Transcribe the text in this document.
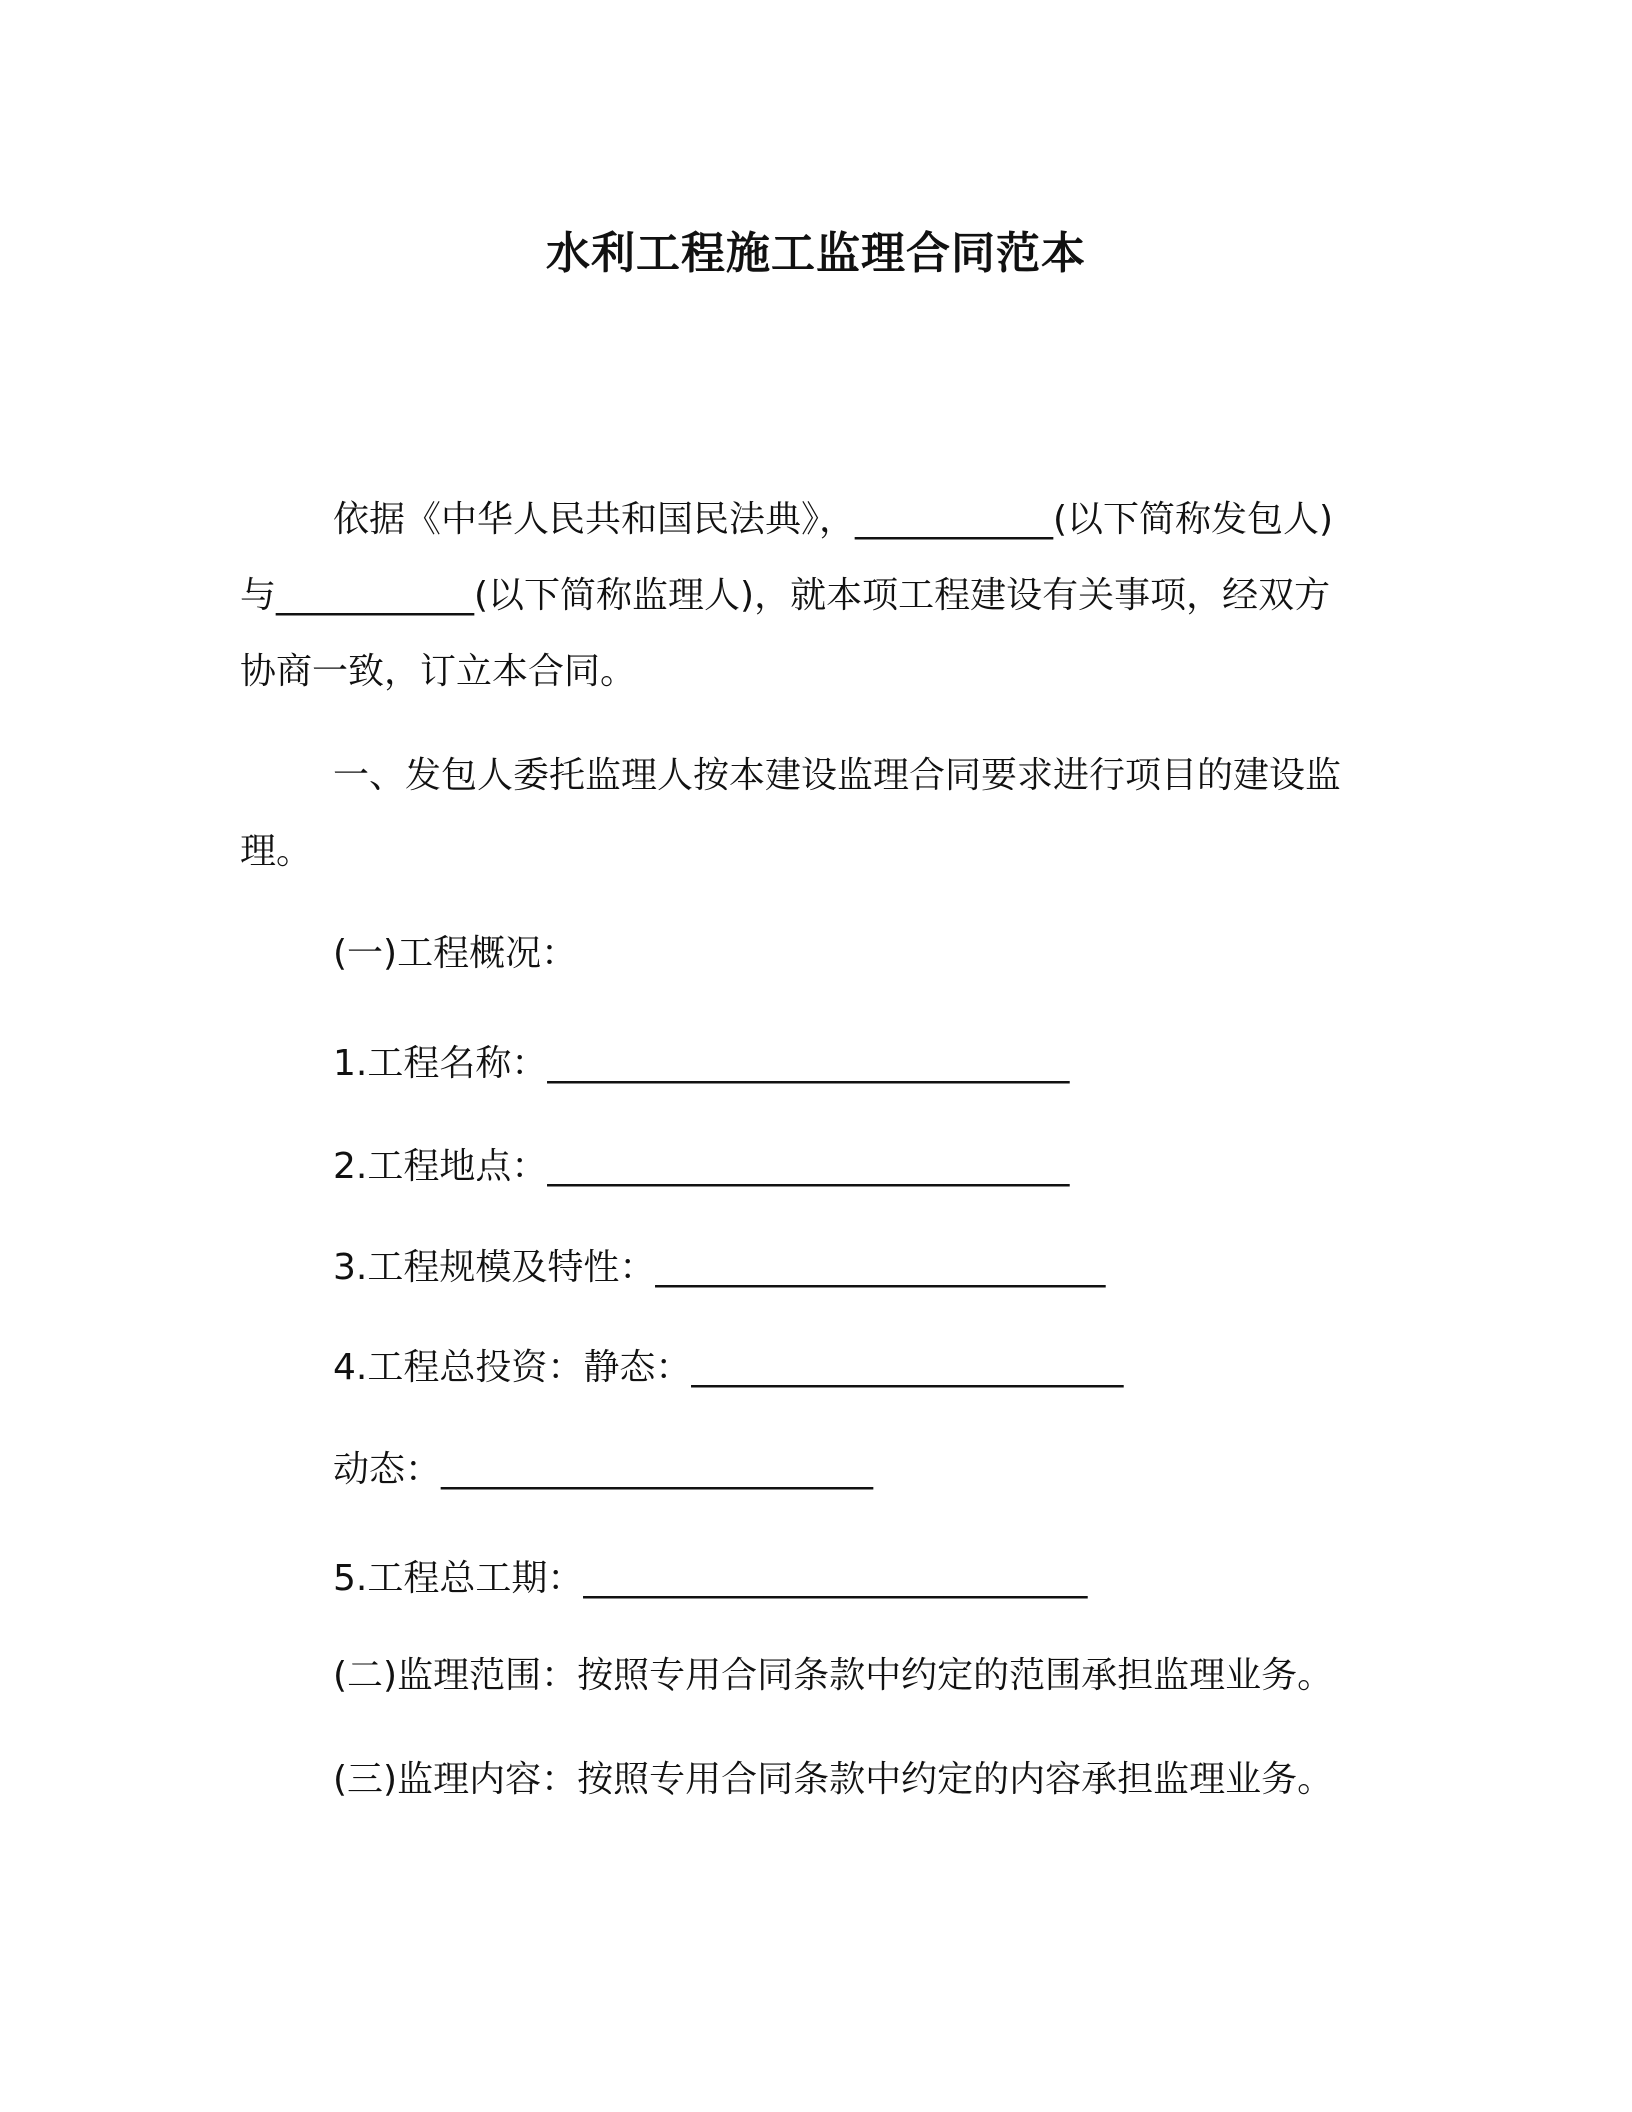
水利工程施工监理合同范本
依据《中华人民共和国民法典》，___________(以下简称发包人)
与___________(以下简称监理人)，就本项工程建设有关事项，经双方
协商一致，订立本合同。
一、发包人委托监理人按本建设监理合同要求进行项目的建设监
理。
(一)工程概况：
1.工程名称：_____________________________
2.工程地点：_____________________________
3.工程规模及特性：_________________________
4.工程总投资：静态：________________________
动态：________________________
5.工程总工期：____________________________
(二)监理范围：按照专用合同条款中约定的范围承担监理业务。
(三)监理内容：按照专用合同条款中约定的内容承担监理业务。
